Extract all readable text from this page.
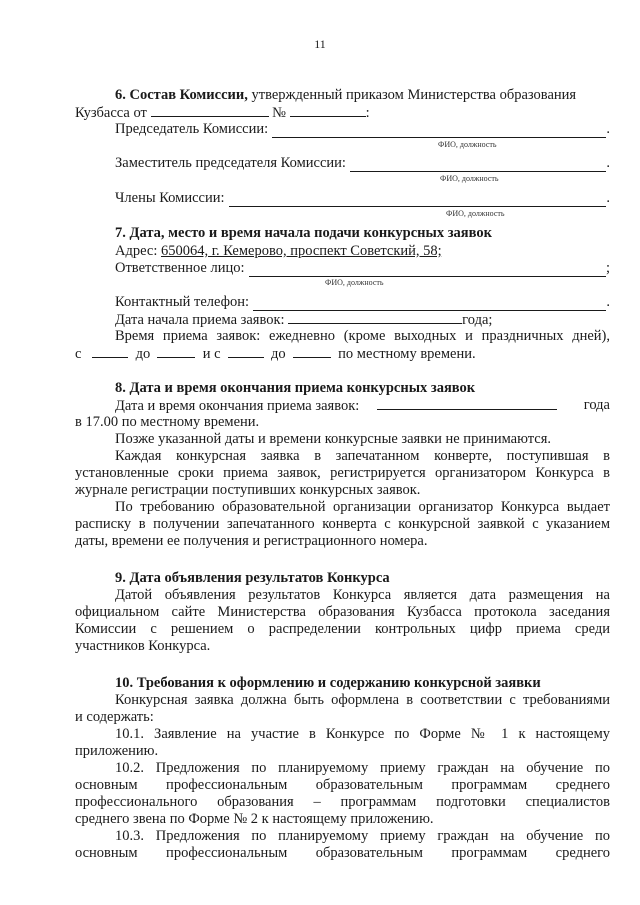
11
6. Состав Комиссии, утвержденный приказом Министерства образования
Кузбасса от	№	:
Председатель Комиссии:	.
ФИО, должность
Заместитель председателя Комиссии:	.
ФИО, должность
Члены Комиссии:	.
ФИО, должность
7. Дата, место и время начала подачи конкурсных заявок
Адрес: 650064, г. Кемерово, проспект Советский, 58;
Ответственное лицо:	;
ФИО, должность
Контактный телефон:	.
Дата начала приема заявок:	года;
Время приема заявок: ежедневно (кроме выходных и праздничных дней),
с	до	и с	до	по местному времени.
8. Дата и время окончания приема конкурсных заявок
Дата и время окончания приема заявок:	года
в 17.00 по местному времени.
Позже указанной даты и времени конкурсные заявки не принимаются.
Каждая конкурсная заявка в запечатанном конверте, поступившая в
установленные сроки приема заявок, регистрируется организатором Конкурса в
журнале регистрации поступивших конкурсных заявок.
По требованию образовательной организации организатор Конкурса выдает
расписку в получении запечатанного конверта с конкурсной заявкой с указанием
даты, времени ее получения и регистрационного номера.
9. Дата объявления результатов Конкурса
Датой объявления результатов Конкурса является дата размещения на
официальном сайте Министерства образования Кузбасса протокола заседания
Комиссии с решением о распределении контрольных цифр приема среди
участников Конкурса.
10. Требования к оформлению и содержанию конкурсной заявки
Конкурсная заявка должна быть оформлена в соответствии с требованиями
и содержать:
10.1. Заявление на участие в Конкурсе по Форме № 1 к настоящему
приложению.
10.2. Предложения по планируемому приему граждан на обучение по
основным профессиональным образовательным программам среднего
профессионального образования – программам подготовки специалистов
среднего звена по Форме № 2 к настоящему приложению.
10.3. Предложения по планируемому приему граждан на обучение по
основным профессиональным образовательным программам среднего
